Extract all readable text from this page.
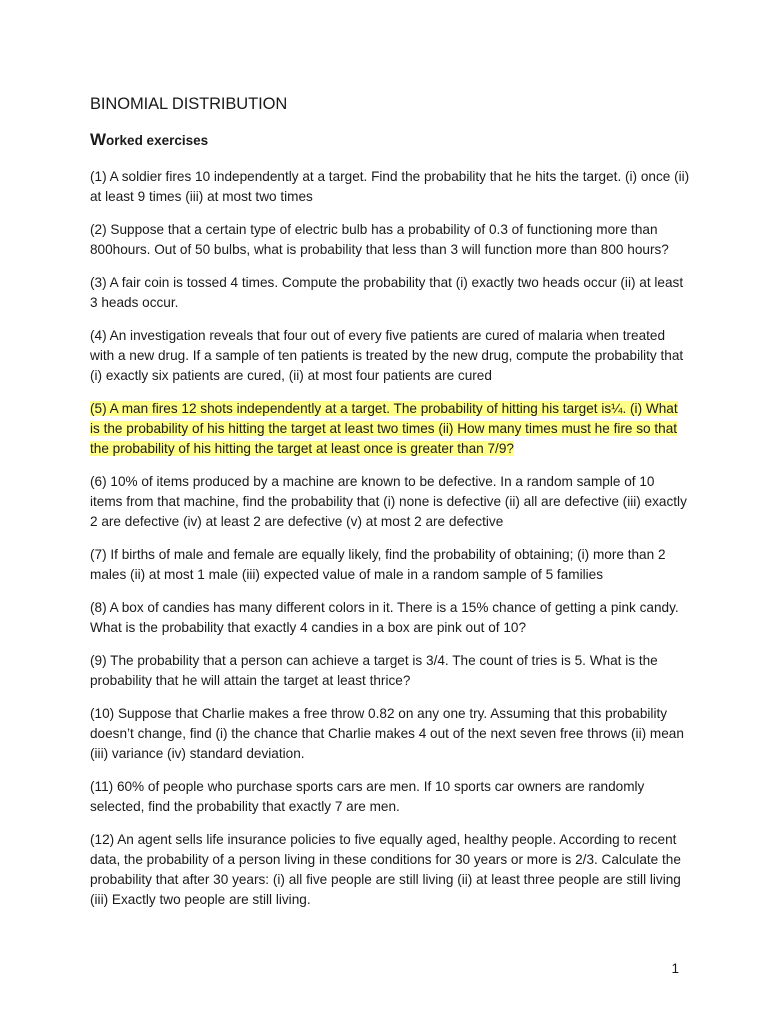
BINOMIAL DISTRIBUTION
Worked exercises

(1) A soldier fires 10 independently at a target. Find the probability that he hits the target. (i) once (ii) at least 9 times (iii) at most two times

(2) Suppose that a certain type of electric bulb has a probability of 0.3 of functioning more than 800hours. Out of 50 bulbs, what is probability that less than 3 will function more than 800 hours?

(3) A fair coin is tossed 4 times. Compute the probability that (i) exactly two heads occur (ii) at least 3 heads occur.

(4) An investigation reveals that four out of every five patients are cured of malaria when treated with a new drug. If a sample of ten patients is treated by the new drug, compute the probability that (i) exactly six patients are cured, (ii) at most four patients are cured

(5) A man fires 12 shots independently at a target. The probability of hitting his target is¼. (i) What is the probability of his hitting the target at least two times (ii) How many times must he fire so that the probability of his hitting the target at least once is greater than 7/9?

(6) 10% of items produced by a machine are known to be defective. In a random sample of 10 items from that machine, find the probability that (i) none is defective (ii) all are defective (iii) exactly 2 are defective (iv) at least 2 are defective (v) at most 2 are defective

(7) If births of male and female are equally likely, find the probability of obtaining; (i) more than 2 males (ii) at most 1 male (iii) expected value of male in a random sample of 5 families

(8) A box of candies has many different colors in it. There is a 15% chance of getting a pink candy. What is the probability that exactly 4 candies in a box are pink out of 10?

(9) The probability that a person can achieve a target is 3/4. The count of tries is 5. What is the probability that he will attain the target at least thrice?

(10) Suppose that Charlie makes a free throw 0.82 on any one try. Assuming that this probability doesn’t change, find (i) the chance that Charlie makes 4 out of the next seven free throws (ii) mean (iii) variance (iv) standard deviation.

(11) 60% of people who purchase sports cars are men. If 10 sports car owners are randomly selected, find the probability that exactly 7 are men.

(12) An agent sells life insurance policies to five equally aged, healthy people. According to recent data, the probability of a person living in these conditions for 30 years or more is 2/3. Calculate the probability that after 30 years: (i) all five people are still living (ii) at least three people are still living (iii) Exactly two people are still living.

1
